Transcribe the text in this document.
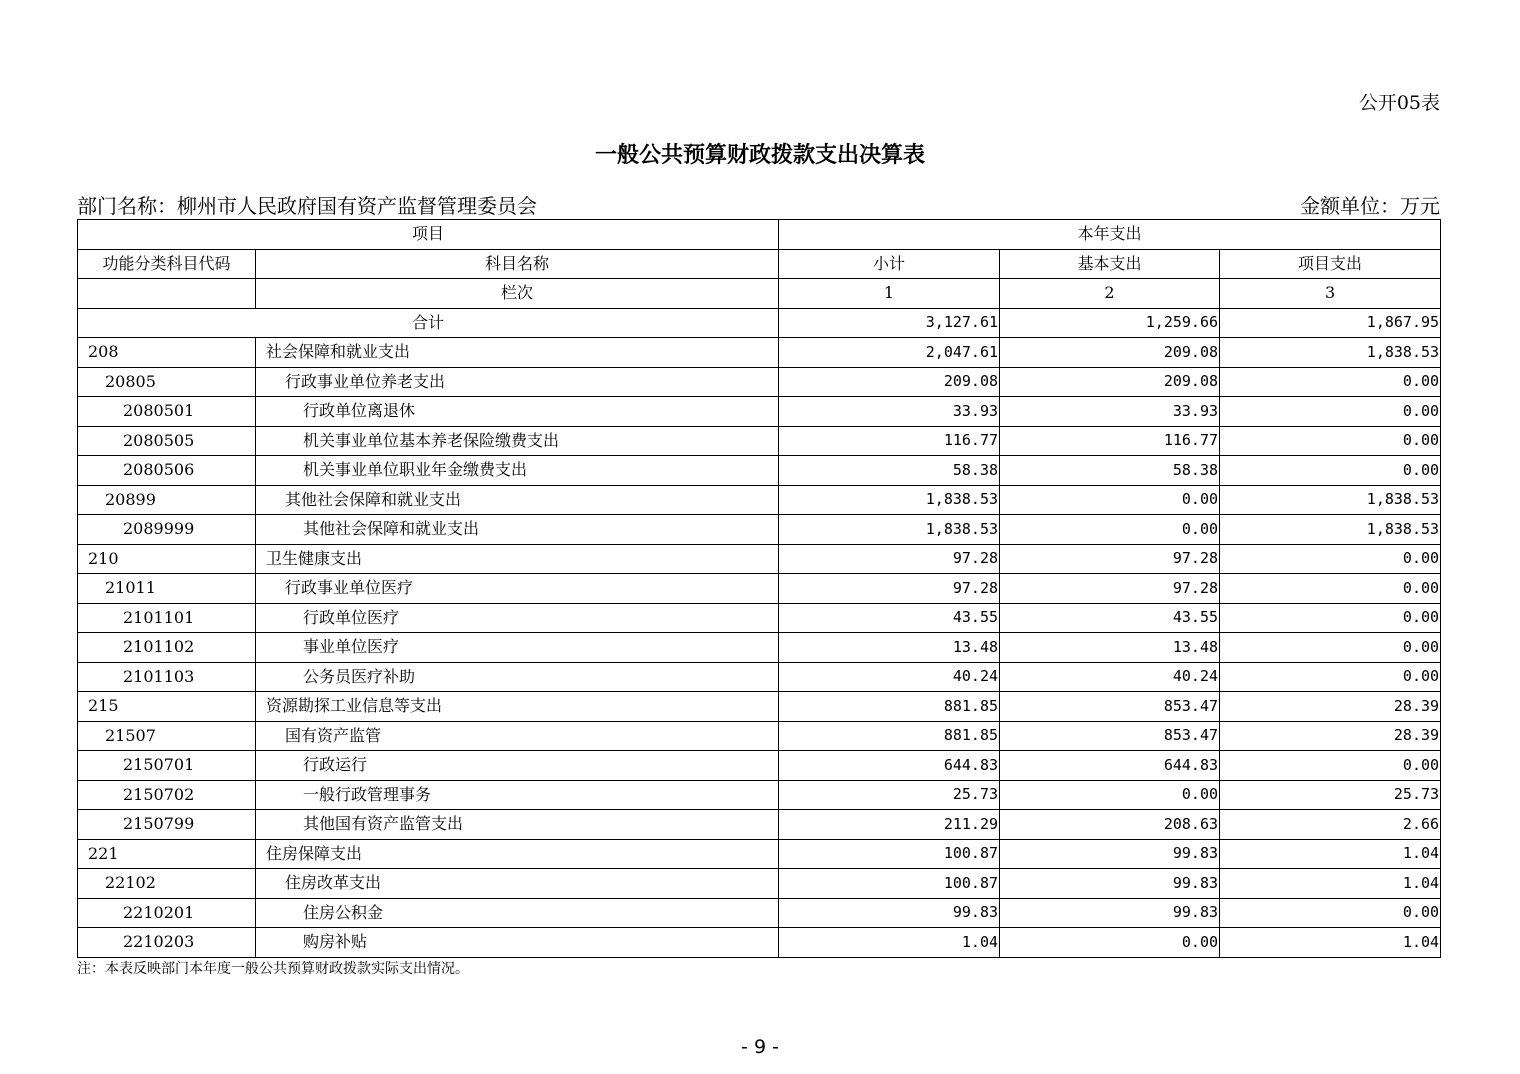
公开05表
一般公共预算财政拨款支出决算表
部门名称：柳州市人民政府国有资产监督管理委员会	金额单位：万元
项目		本年支出		
功能分类科目代码	科目名称	小计	基本支出	项目支出
	栏次	1	2	3
合计		3,127.61	1,259.66	1,867.95
208	社会保障和就业支出	2,047.61	209.08	1,838.53
20805	行政事业单位养老支出	209.08	209.08	0.00
2080501	行政单位离退休	33.93	33.93	0.00
2080505	机关事业单位基本养老保险缴费支出	116.77	116.77	0.00
2080506	机关事业单位职业年金缴费支出	58.38	58.38	0.00
20899	其他社会保障和就业支出	1,838.53	0.00	1,838.53
2089999	其他社会保障和就业支出	1,838.53	0.00	1,838.53
210	卫生健康支出	97.28	97.28	0.00
21011	行政事业单位医疗	97.28	97.28	0.00
2101101	行政单位医疗	43.55	43.55	0.00
2101102	事业单位医疗	13.48	13.48	0.00
2101103	公务员医疗补助	40.24	40.24	0.00
215	资源勘探工业信息等支出	881.85	853.47	28.39
21507	国有资产监管	881.85	853.47	28.39
2150701	行政运行	644.83	644.83	0.00
2150702	一般行政管理事务	25.73	0.00	25.73
2150799	其他国有资产监管支出	211.29	208.63	2.66
221	住房保障支出	100.87	99.83	1.04
22102	住房改革支出	100.87	99.83	1.04
2210201	住房公积金	99.83	99.83	0.00
2210203	购房补贴	1.04	0.00	1.04
注：本表反映部门本年度一般公共预算财政拨款实际支出情况。
- 9 -
